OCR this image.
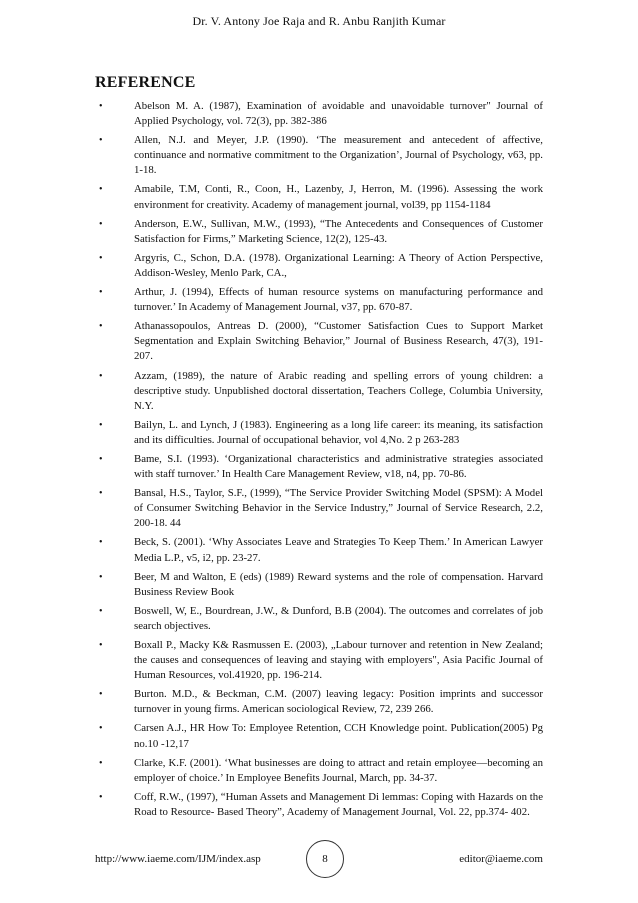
Dr. V. Antony Joe Raja and R. Anbu Ranjith Kumar
REFERENCE
•	Abelson M. A. (1987), Examination of avoidable and unavoidable turnover" Journal of Applied Psychology, vol. 72(3), pp. 382-386
•	Allen, N.J. and Meyer, J.P. (1990). ‘The measurement and antecedent of affective, continuance and normative commitment to the Organization’, Journal of Psychology, v63, pp. 1-18.
•	Amabile, T.M, Conti, R., Coon, H., Lazenby, J, Herron, M. (1996). Assessing the work environment for creativity. Academy of management journal, vol39, pp 1154-1184
•	Anderson, E.W., Sullivan, M.W., (1993), “The Antecedents and Consequences of Customer Satisfaction for Firms,” Marketing Science, 12(2), 125-43.
•	Argyris, C., Schon, D.A. (1978). Organizational Learning: A Theory of Action Perspective, Addison-Wesley, Menlo Park, CA.,
•	Arthur, J. (1994), Effects of human resource systems on manufacturing performance and turnover.’ In Academy of Management Journal, v37, pp. 670-87.
•	Athanassopoulos, Antreas D. (2000), “Customer Satisfaction Cues to Support Market Segmentation and Explain Switching Behavior,” Journal of Business Research, 47(3), 191-207.
•	Azzam, (1989), the nature of Arabic reading and spelling errors of young children: a descriptive study. Unpublished doctoral dissertation, Teachers College, Columbia University, N.Y.
•	Bailyn, L. and Lynch, J (1983). Engineering as a long life career: its meaning, its satisfaction and its difficulties. Journal of occupational behavior, vol 4,No. 2 p 263-283
•	Bame, S.I. (1993). ‘Organizational characteristics and administrative strategies associated with staff turnover.’ In Health Care Management Review, v18, n4, pp. 70-86.
•	Bansal, H.S., Taylor, S.F., (1999), “The Service Provider Switching Model (SPSM): A Model of Consumer Switching Behavior in the Service Industry,” Journal of Service Research, 2.2, 200-18. 44
•	Beck, S. (2001). ‘Why Associates Leave and Strategies To Keep Them.’ In American Lawyer Media L.P., v5, i2, pp. 23-27.
•	Beer, M and Walton, E (eds) (1989) Reward systems and the role of compensation. Harvard Business Review Book
•	Boswell, W, E., Bourdrean, J.W., & Dunford, B.B (2004). The outcomes and correlates of job search objectives.
•	Boxall P., Macky K& Rasmussen E. (2003), „Labour turnover and retention in New Zealand; the causes and consequences of leaving and staying with employers", Asia Pacific Journal of Human Resources, vol.41920, pp. 196-214.
•	Burton. M.D., & Beckman, C.M. (2007) leaving legacy: Position imprints and successor turnover in young firms. American sociological Review, 72, 239 266.
•	Carsen A.J., HR How To: Employee Retention, CCH Knowledge point. Publication(2005) Pg no.10 -12,17
•	Clarke, K.F. (2001). ‘What businesses are doing to attract and retain employee—becoming an employer of choice.’ In Employee Benefits Journal, March, pp. 34-37.
•	Coff, R.W., (1997), “Human Assets and Management Di lemmas: Coping with Hazards on the Road to Resource- Based Theory”, Academy of Management Journal, Vol. 22, pp.374- 402.
http://www.iaeme.com/IJM/index.asp	8	editor@iaeme.com
